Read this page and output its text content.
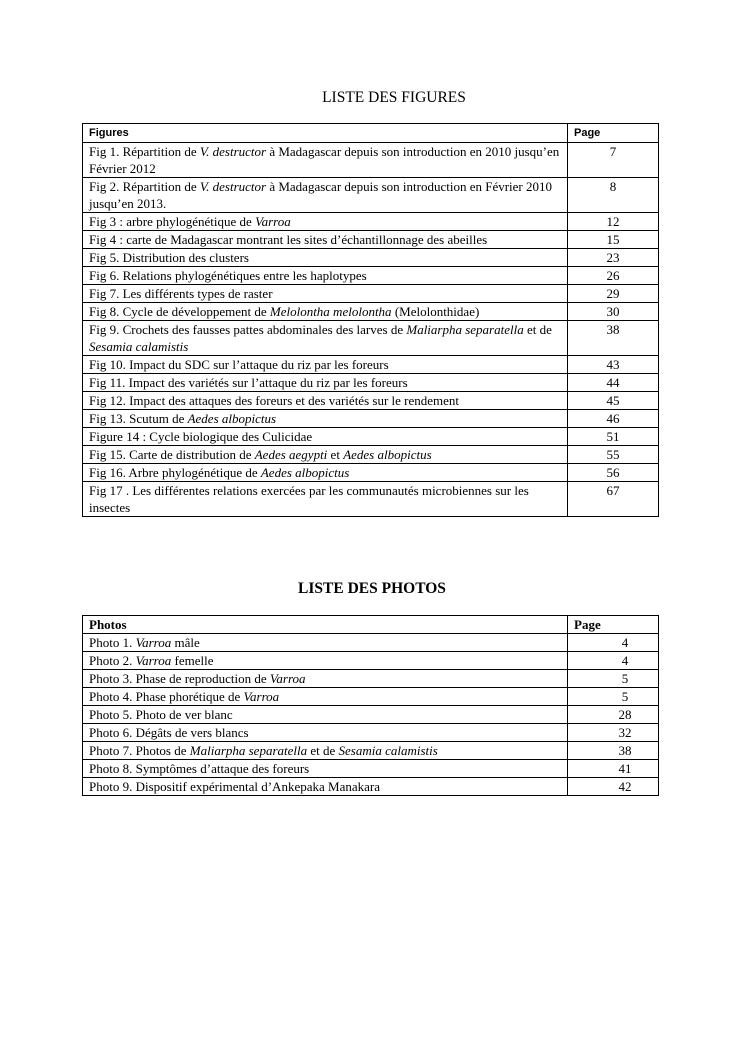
LISTE DES FIGURES
Figures	Page
Fig 1. Répartition de V. destructor à Madagascar depuis son introduction en 2010 jusqu’en Février 2012	7
Fig 2. Répartition de V. destructor à Madagascar depuis son introduction en Février 2010 jusqu’en 2013.	8
Fig 3 : arbre phylogénétique de Varroa	12
Fig 4 : carte de Madagascar montrant les sites d’échantillonnage des abeilles	15
Fig 5. Distribution des clusters	23
Fig 6. Relations phylogénétiques entre les haplotypes	26
Fig 7. Les différents types de raster	29
Fig 8. Cycle de développement de Melolontha melolontha (Melolonthidae)	30
Fig 9. Crochets des fausses pattes abdominales des larves de Maliarpha separatella et de Sesamia calamistis	38
Fig 10. Impact du SDC sur l’attaque du riz par les foreurs	43
Fig 11. Impact des variétés sur l’attaque du riz par les foreurs	44
Fig 12. Impact des attaques des foreurs et des variétés sur le rendement	45
Fig 13. Scutum de Aedes albopictus	46
Figure 14 : Cycle biologique des Culicidae	51
Fig 15. Carte de distribution de Aedes aegypti et Aedes albopictus	55
Fig 16. Arbre phylogénétique de Aedes albopictus	56
Fig 17 . Les différentes relations exercées par les communautés microbiennes sur les insectes	67
LISTE DES PHOTOS
Photos	Page
Photo 1. Varroa mâle	4
Photo 2. Varroa femelle	4
Photo 3. Phase de reproduction de Varroa	5
Photo 4. Phase phorétique de Varroa	5
Photo 5. Photo de ver blanc	28
Photo 6. Dégâts de vers blancs	32
Photo 7. Photos de Maliarpha separatella et de Sesamia calamistis	38
Photo 8. Symptômes d’attaque des foreurs	41
Photo 9. Dispositif expérimental d’Ankepaka Manakara	42
